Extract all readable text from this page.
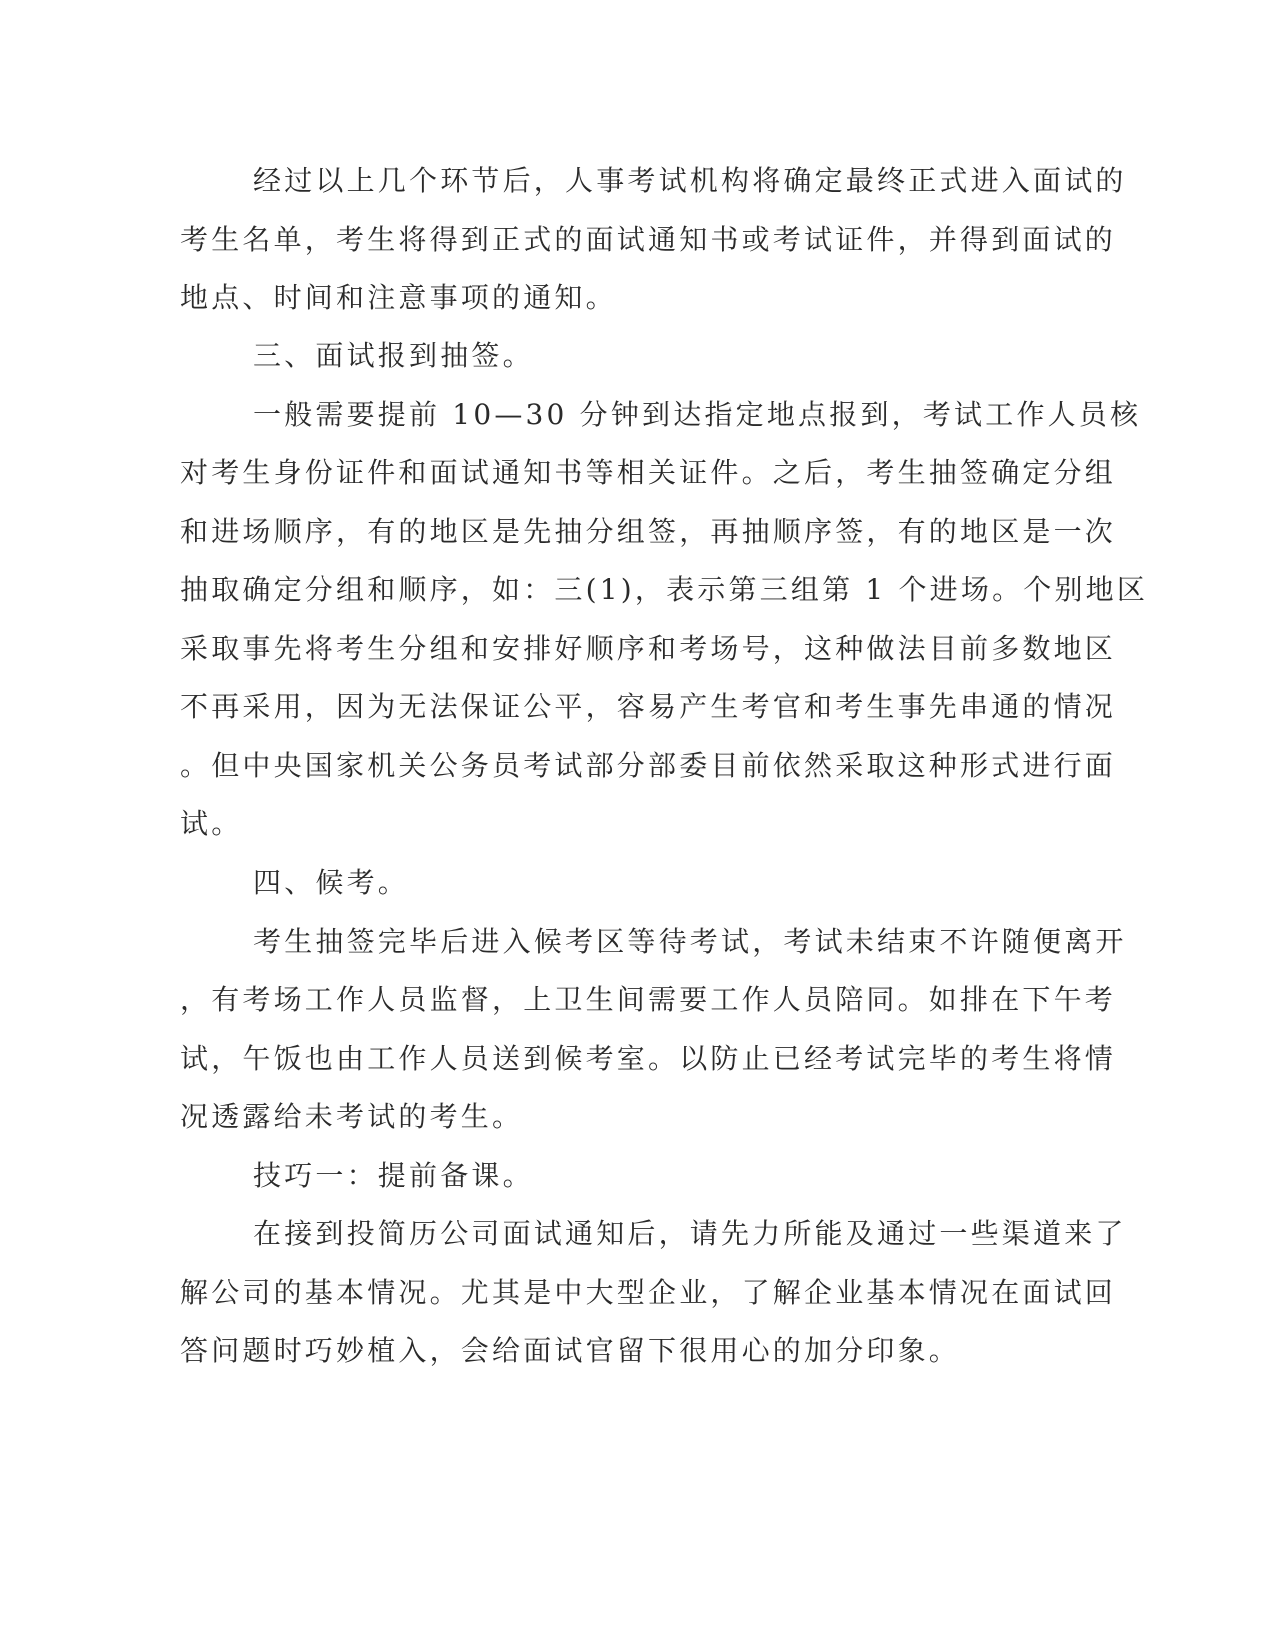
经过以上几个环节后，人事考试机构将确定最终正式进入面试的
考生名单，考生将得到正式的面试通知书或考试证件，并得到面试的
地点、时间和注意事项的通知。
三、面试报到抽签。
一般需要提前 10—30 分钟到达指定地点报到，考试工作人员核
对考生身份证件和面试通知书等相关证件。之后，考生抽签确定分组
和进场顺序，有的地区是先抽分组签，再抽顺序签，有的地区是一次
抽取确定分组和顺序，如：三(1)，表示第三组第 1 个进场。个别地区
采取事先将考生分组和安排好顺序和考场号，这种做法目前多数地区
不再采用，因为无法保证公平，容易产生考官和考生事先串通的情况
。但中央国家机关公务员考试部分部委目前依然采取这种形式进行面
试。
四、候考。
考生抽签完毕后进入候考区等待考试，考试未结束不许随便离开
，有考场工作人员监督，上卫生间需要工作人员陪同。如排在下午考
试，午饭也由工作人员送到候考室。以防止已经考试完毕的考生将情
况透露给未考试的考生。
技巧一：提前备课。
在接到投简历公司面试通知后，请先力所能及通过一些渠道来了
解公司的基本情况。尤其是中大型企业，了解企业基本情况在面试回
答问题时巧妙植入，会给面试官留下很用心的加分印象。
